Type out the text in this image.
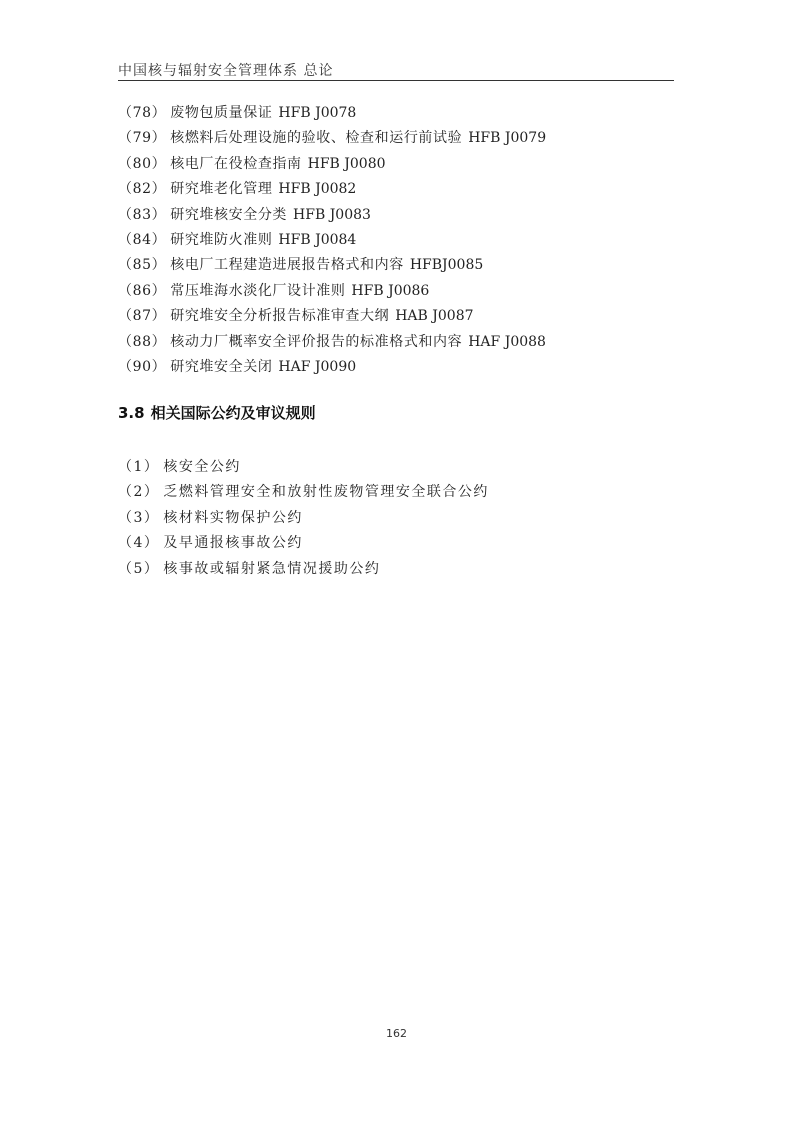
中国核与辐射安全管理体系 总论
（78） 废物包质量保证 HFB J0078
（79） 核燃料后处理设施的验收、检查和运行前试验 HFB J0079
（80） 核电厂在役检查指南 HFB J0080
（82） 研究堆老化管理 HFB J0082
（83） 研究堆核安全分类 HFB J0083
（84） 研究堆防火准则 HFB J0084
（85） 核电厂工程建造进展报告格式和内容 HFBJ0085
（86） 常压堆海水淡化厂设计准则 HFB J0086
（87） 研究堆安全分析报告标准审查大纲 HAB J0087
（88） 核动力厂概率安全评价报告的标准格式和内容 HAF J0088
（90） 研究堆安全关闭 HAF J0090
3.8 相关国际公约及审议规则
（1） 核安全公约
（2） 乏燃料管理安全和放射性废物管理安全联合公约
（3） 核材料实物保护公约
（4） 及早通报核事故公约
（5） 核事故或辐射紧急情况援助公约
162
